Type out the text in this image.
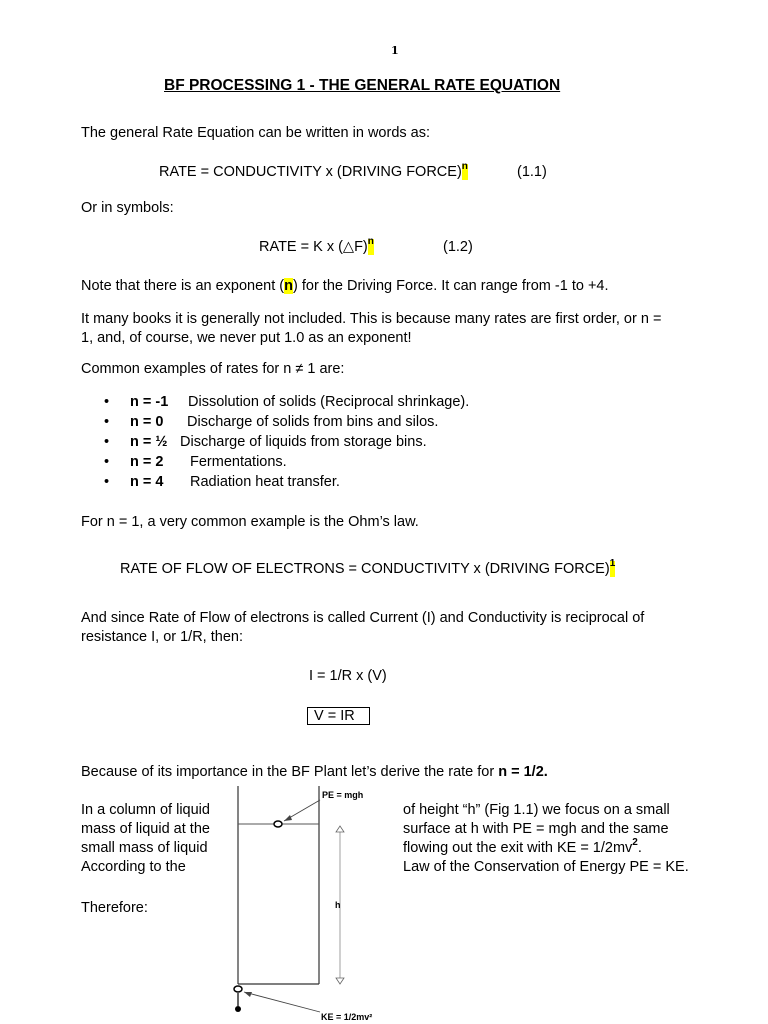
1
BF PROCESSING 1 - THE GENERAL RATE EQUATION
The general Rate Equation can be written in words as:
RATE = CONDUCTIVITY x (DRIVING FORCE)$^n$	(1.1)
Or in symbols:
RATE = K x (△F)$^n$	(1.2)
Note that there is an exponent (n) for the Driving Force. It can range from -1 to +4.
It many books it is generally not included. This is because many rates are first order, or n =
1, and, of course, we never put 1.0 as an exponent!
Common examples of rates for n ≠ 1 are:
• n = -1 Dissolution of solids (Reciprocal shrinkage).
• n = 0 Discharge of solids from bins and silos.
• n = ½ Discharge of liquids from storage bins.
• n = 2 Fermentations.
• n = 4 Radiation heat transfer.
For n = 1, a very common example is the Ohm’s law.
RATE OF FLOW OF ELECTRONS = CONDUCTIVITY x (DRIVING FORCE)$^1$
And since Rate of Flow of electrons is called Current (I) and Conductivity is reciprocal of
resistance I, or 1/R, then:
I = 1/R x (V)
V = IR
Because of its importance in the BF Plant let’s derive the rate for n = 1/2.
In a column of liquid
mass of liquid at the
small mass of liquid
According to the
of height “h” (Fig 1.1) we focus on a small
surface at h with PE = mgh and the same
flowing out the exit with KE = $1/2mv^2$.
Law of the Conservation of Energy PE = KE.
Therefore:
PE = mgh
h
KE = 1/2mv²
